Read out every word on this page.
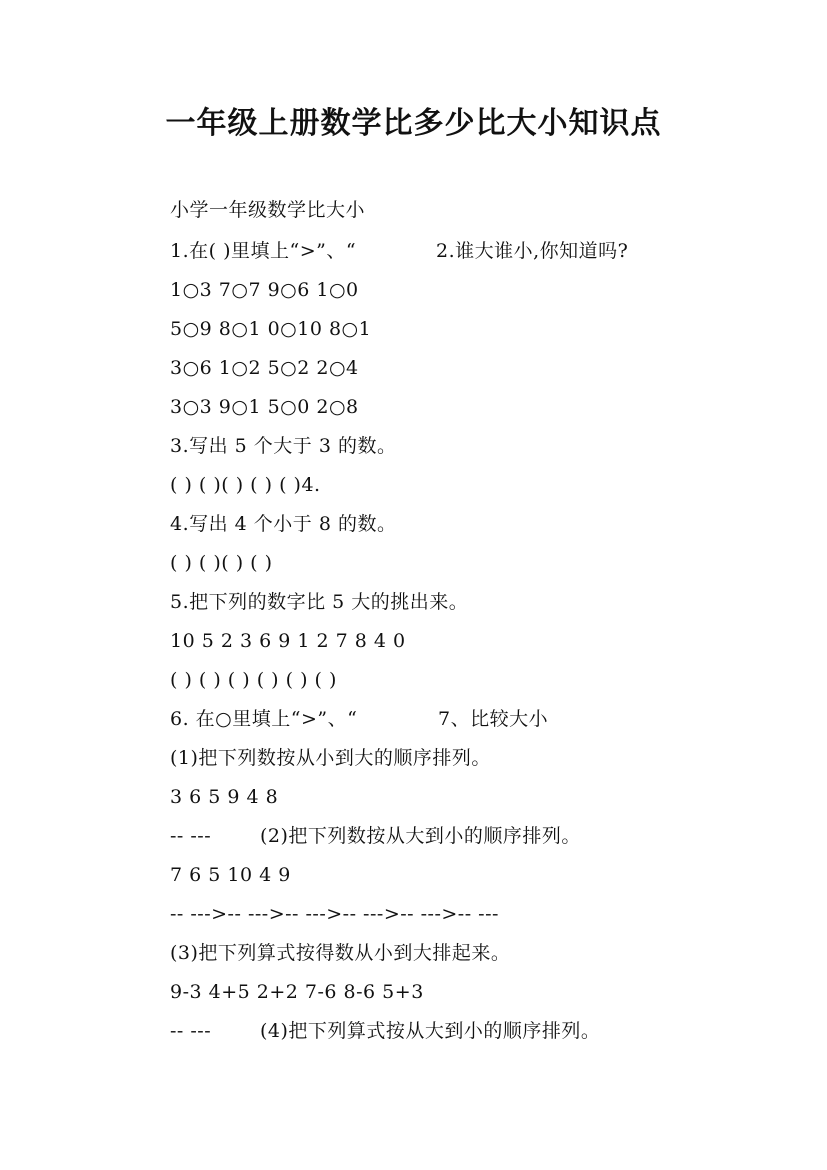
一年级上册数学比多少比大小知识点
小学一年级数学比大小
1.在( )里填上“>”、“	2.谁大谁小,你知道吗?
1○3 7○7 9○6 1○0
5○9 8○1 0○10 8○1
3○6 1○2 5○2 2○4
3○3 9○1 5○0 2○8
3.写出 5 个大于 3 的数。
( ) ( )( ) ( ) ( )4.
4.写出 4 个小于 8 的数。
( ) ( )( ) ( )
5.把下列的数字比 5 大的挑出来。
10 5 2 3 6 9 1 2 7 8 4 0
( ) ( ) ( ) ( ) ( ) ( )
6. 在○里填上“>”、“	7、比较大小
(1)把下列数按从小到大的顺序排列。
3 6 5 9 4 8
-- ---	(2)把下列数按从大到小的顺序排列。
7 6 5 10 4 9
-- --->-- --->-- --->-- --->-- --->-- ---
(3)把下列算式按得数从小到大排起来。
9-3 4+5 2+2 7-6 8-6 5+3
-- ---	(4)把下列算式按从大到小的顺序排列。
